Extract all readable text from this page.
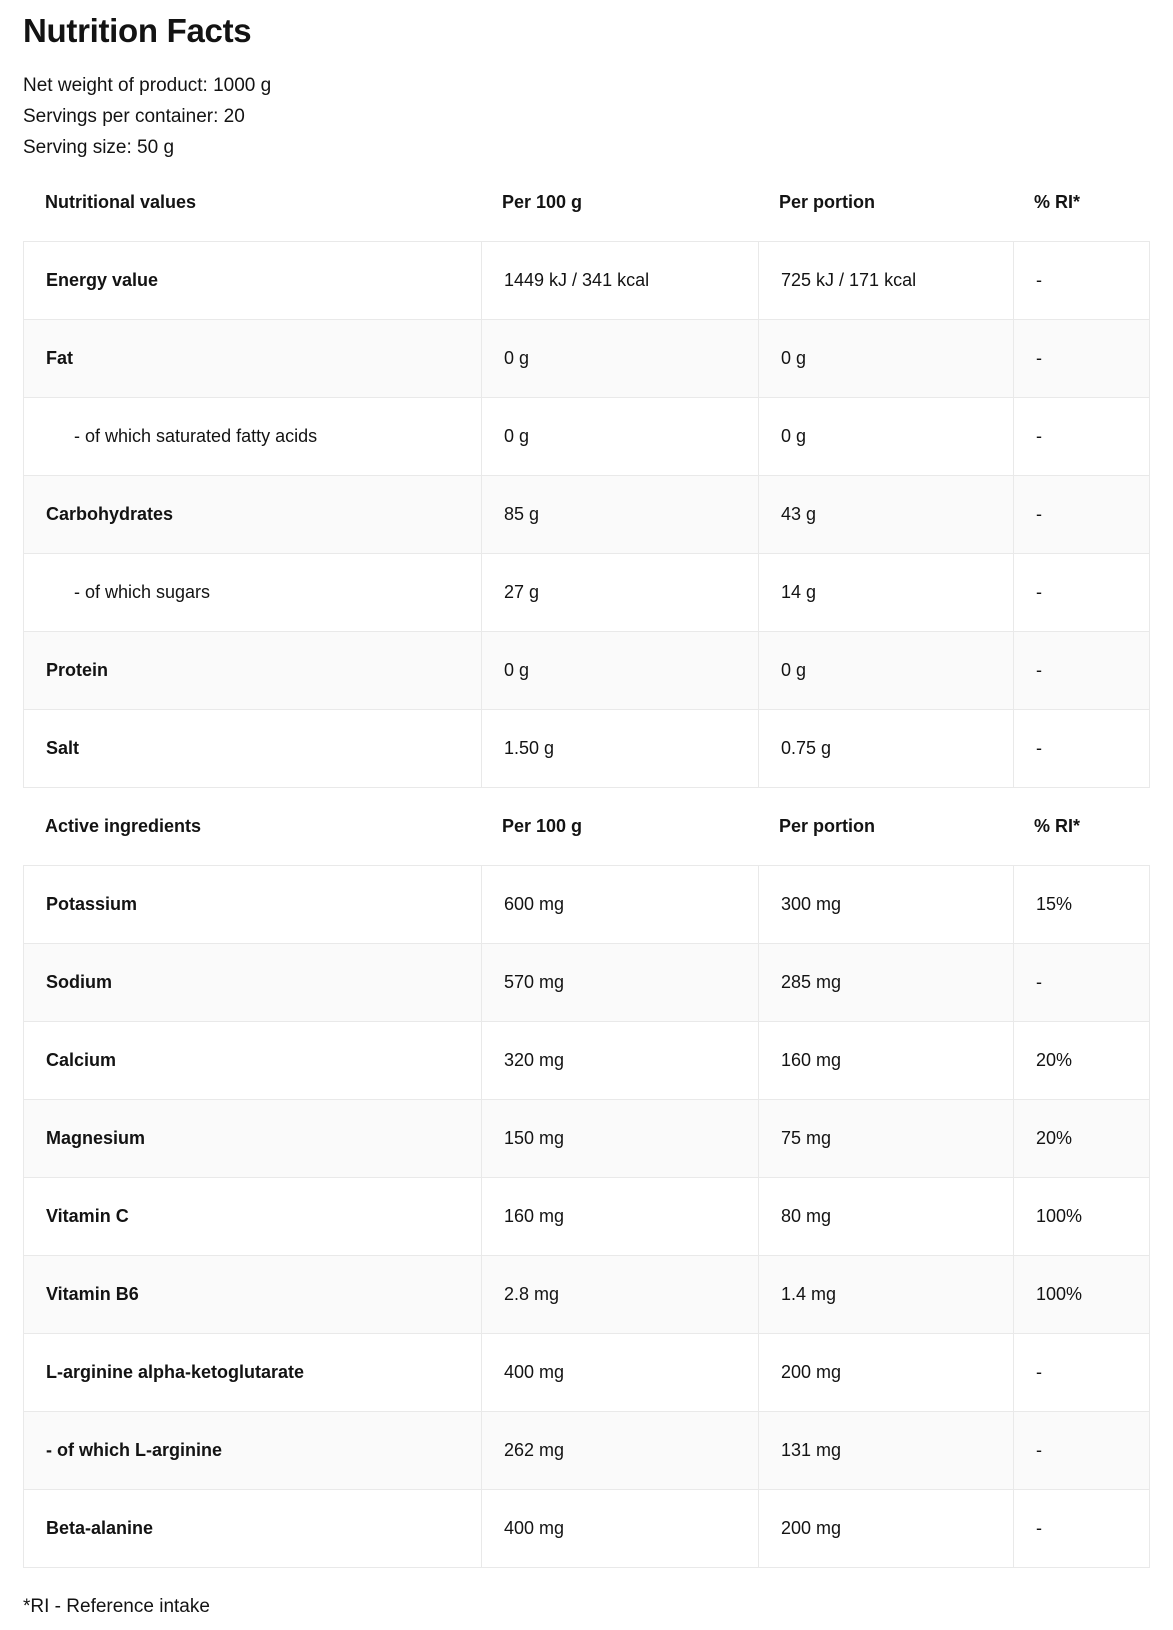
Nutrition Facts
Net weight of product: 1000 g
Servings per container: 20
Serving size: 50 g
Nutritional values	Per 100 g	Per portion	% RI*
Energy value	1449 kJ / 341 kcal	725 kJ / 171 kcal	-
Fat	0 g	0 g	-
- of which saturated fatty acids	0 g	0 g	-
Carbohydrates	85 g	43 g	-
- of which sugars	27 g	14 g	-
Protein	0 g	0 g	-
Salt	1.50 g	0.75 g	-
Active ingredients	Per 100 g	Per portion	% RI*
Potassium	600 mg	300 mg	15%
Sodium	570 mg	285 mg	-
Calcium	320 mg	160 mg	20%
Magnesium	150 mg	75 mg	20%
Vitamin C	160 mg	80 mg	100%
Vitamin B6	2.8 mg	1.4 mg	100%
L-arginine alpha-ketoglutarate	400 mg	200 mg	-
- of which L-arginine	262 mg	131 mg	-
Beta-alanine	400 mg	200 mg	-
*RI - Reference intake
